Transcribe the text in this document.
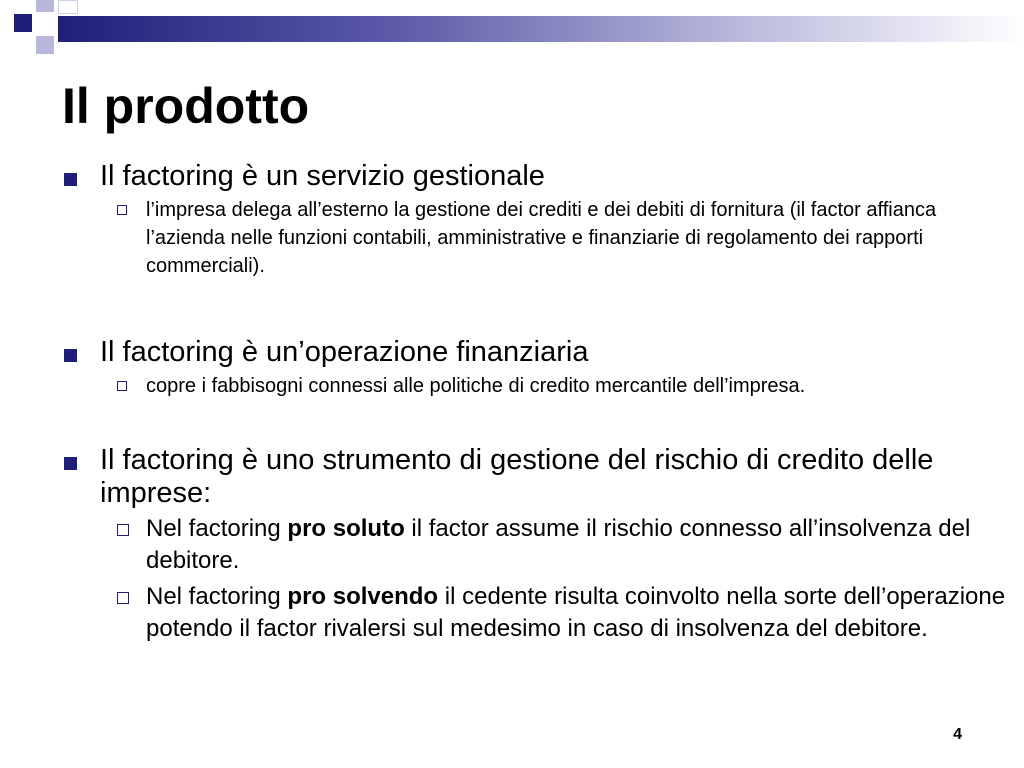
Il prodotto
Il factoring è un servizio gestionale
l’impresa delega all’esterno la gestione dei crediti e dei debiti di fornitura (il factor affianca l’azienda nelle funzioni contabili, amministrative e finanziarie di regolamento dei rapporti commerciali).
Il factoring è un’operazione finanziaria
copre i fabbisogni connessi alle politiche di credito mercantile dell’impresa.
Il factoring è uno strumento di gestione del rischio di credito delle imprese:
Nel factoring pro soluto il factor assume il rischio connesso all’insolvenza del debitore.
Nel factoring pro solvendo il cedente risulta coinvolto nella sorte dell’operazione potendo il factor rivalersi sul medesimo in caso di insolvenza del debitore.
4
